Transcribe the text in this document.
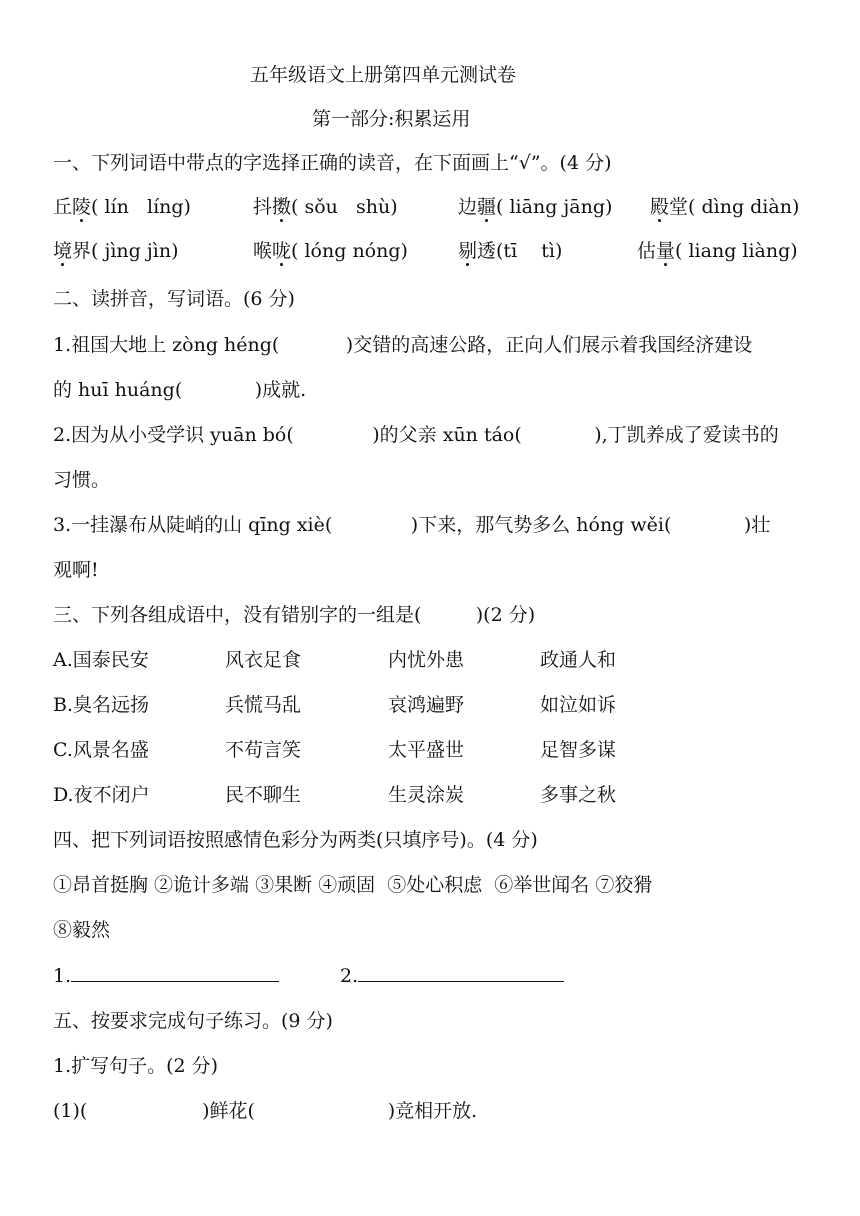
五年级语文上册第四单元测试卷
第一部分:积累运用
一、下列词语中带点的字选择正确的读音，在下面画上“√”。(4 分)
丘陵( lín   líng)	抖擞( sǒu   shù)	边疆( liāng jāng) 殿堂( dìng diàn)
境界( jìng jìn)	喉咙( lóng nóng)	剔透(tī    tì)	估量( liang liàng)
二、读拼音，写词语。(6 分)
1.祖国大地上 zòng héng(           )交错的高速公路，正向人们展示着我国经济建设
的 huī huáng(            )成就.
2.因为从小受学识 yuān bó(             )的父亲 xūn táo(            ),丁凯养成了爱读书的
习惯。
3.一挂瀑布从陡峭的山 qīng xiè(             )下来，那气势多么 hóng wěi(            )壮
观啊!
三、下列各组成语中，没有错别字的一组是(         )(2 分)
A.国泰民安	风衣足食	内忧外患	政通人和
B.臭名远扬	兵慌马乱	哀鸿遍野	如泣如诉
C.风景名盛	不苟言笑	太平盛世	足智多谋
D.夜不闭户	民不聊生	生灵涂炭	多事之秋
四、把下列词语按照感情色彩分为两类(只填序号)。(4 分)
①昂首挺胸 ②诡计多端 ③果断 ④顽固  ⑤处心积虑  ⑥举世闻名 ⑦狡猾
⑧毅然
1.	2.
五、按要求完成句子练习。(9 分)
1.扩写句子。(2 分)
(1)(                   )鲜花(                      )竞相开放.
